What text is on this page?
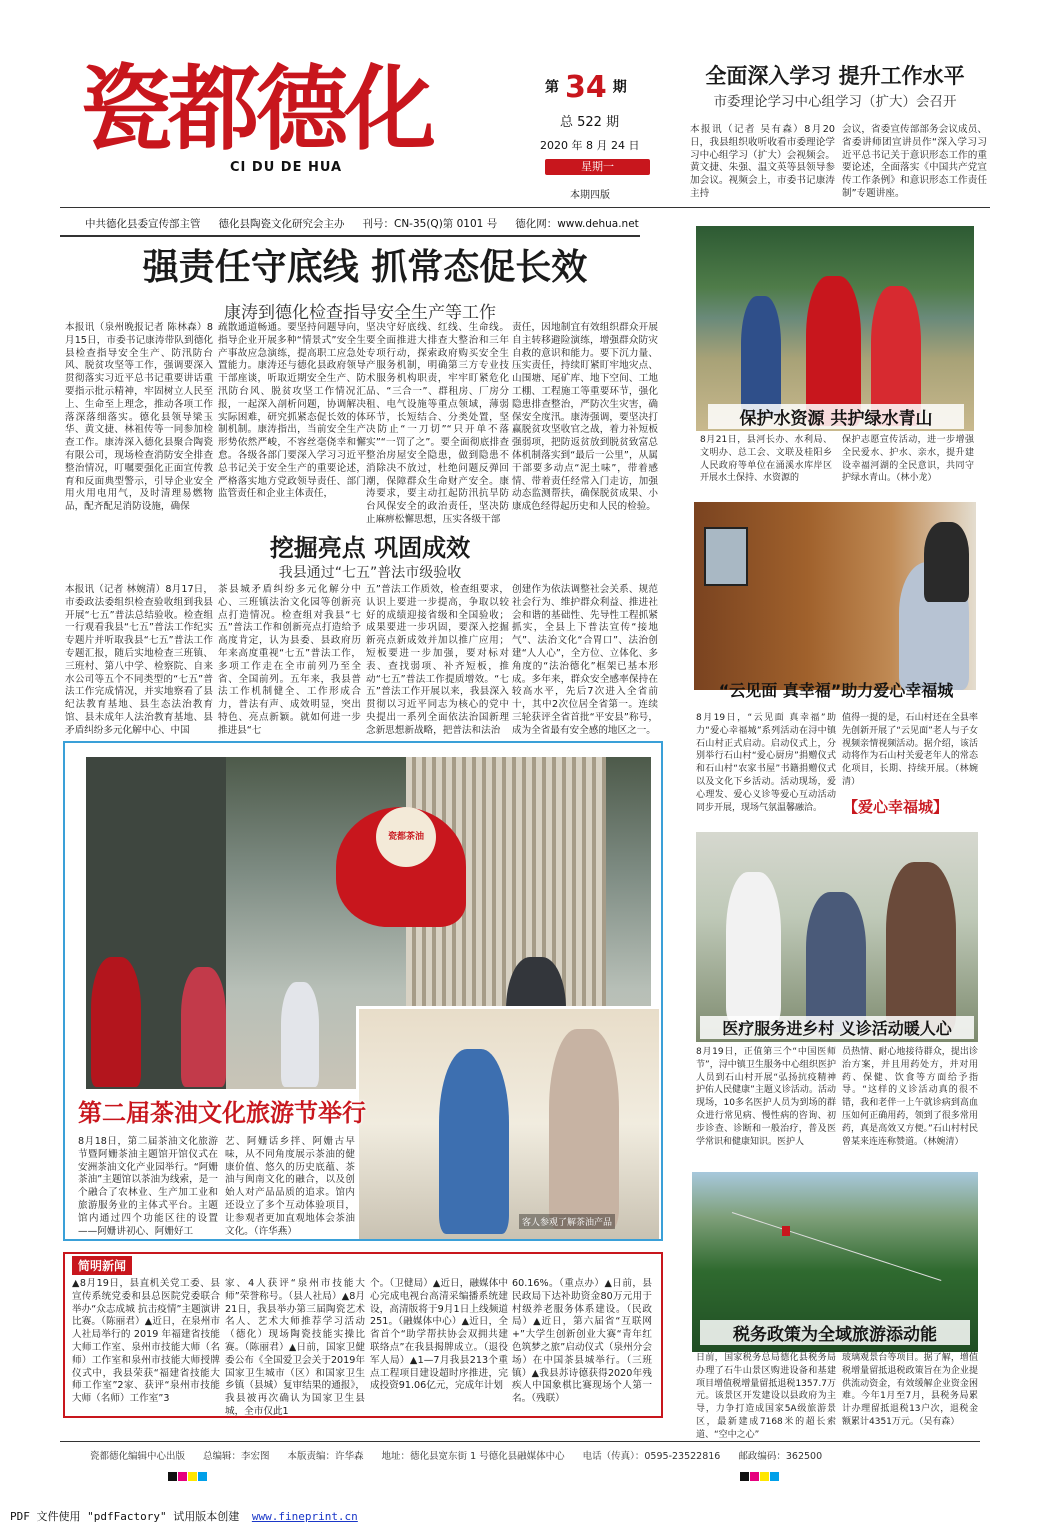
瓷都德化
CI DU DE HUA
第 34 期
总 522 期
2020 年 8 月 24 日
星期一
本期四版
全面深入学习 提升工作水平
市委理论学习中心组学习（扩大）会召开
本报讯（记者 吴有森）8月20日，我县组织收听收看市委理论学习中心组学习（扩大）会视频会。黄文捷、朱强、温文英等县领导参加会议。视频会上，市委书记康涛主持
会议，省委宣传部部务会议成员、省委讲师团宣讲员作“深入学习习近平总书记关于意识形态工作的重要论述，全面落实《中国共产党宣传工作条例》和意识形态工作责任制”专题讲座。
中共德化县委宣传部主管 德化县陶瓷文化研究会主办 刊号：CN-35(Q)第 0101 号 德化网：www.dehua.net
强责任守底线 抓常态促长效
康涛到德化检查指导安全生产等工作
本报讯（泉州晚报记者 陈林森）8月15日，市委书记康涛带队到德化县检查指导安全生产、防汛防台风、脱贫攻坚等工作，强调要深入贯彻落实习近平总书记重要讲话重要指示批示精神，牢固树立人民至上、生命至上理念，推动各项工作落深落细落实。德化县领导梁玉华、黄文捷、林祖传等一同参加检查工作。康涛深入德化县聚合陶瓷有限公司，现场检查消防安全排查整治情况，叮嘱要强化正面宣传教育和反面典型警示，引导企业安全用火用电用气，及时清理易燃物品，配齐配足消防设施，确保
疏散通道畅通。要坚持问题导向，指导企业开展多种“情景式”安全生产事故应急演练，提高职工应急处置能力。康涛还与德化县政府领导干部座谈，听取近期安全生产、防汛防台风、脱贫攻坚工作情况汇报，一起深入剖析问题，协调解决实际困难，研究抓紧态促长效的体制机制。康涛指出，当前安全生产形势依然严峻，不容丝毫侥幸和懈怠。各级各部门要深入学习习近平总书记关于安全生产的重要论述，严格落实地方党政领导责任、部门监管责任和企业主体责任，
坚决守好底线、红线、生命线。要全面推进大排查大整治和三年专项行动，探索政府购买安全生产服务机制，明确第三方专业技术服务机构职责，牢牢盯紧危化品、“三合一”、群租房、厂房分租、电气设施等重点领域，薄弱环节，长短结合、分类处置，坚决防止“一刀切”“只开单不落实”“一罚了之”。要全面彻底排查整治房屋安全隐患，做到隐患不消除决不放过，杜绝问题反弹回潮，保障群众生命财产安全。康涛要求，要主动扛起防汛抗旱防台风保安全的政治责任，坚决防止麻痹松懈思想，压实各级干部
责任，因地制宜有效组织群众开展自主转移避险演练，增强群众防灾自救的意识和能力。要下沉力量、压实责任，持续盯紧盯牢地灾点、山围塘、尾矿库、地下空间、工地工棚、工程施工等重要环节，强化隐患排查整治，严防次生灾害，确保安全度汛。康涛强调，要坚决打赢脱贫攻坚收官之战，着力补短板强弱项，把防返贫放到脱贫致富总体机制落实到“最后一公里”，从属干部要多动点“泥土味”，带着感情、带着责任经常入门走访，加强动态监测帮扶，确保脱贫成果、小康成色经得起历史和人民的检验。
挖掘亮点 巩固成效
我县通过“七五”普法市级验收
本报讯（记者 林婉清）8月17日，市委政法委组织检查验收组到我县开展“七五”普法总结验收。检查组一行观看我县“七五”普法工作纪实专题片并听取我县“七五”普法工作专题汇报，随后实地检查三班镇、三班村、第八中学、检察院、自来水公司等五个不同类型的“七五”普法工作完成情况，并实地察看了县纪法教育基地、县生态法治教育馆、县未成年人法治教育基地、县矛盾纠纷多元化解中心、中国
茶县城矛盾纠纷多元化解分中心、三班镇法治文化园等创新亮点打造情况。检查组对我县“七五”普法工作和创新亮点打造给予高度肯定，认为县委、县政府历年来高度重视“七五”普法工作，多项工作走在全市前列乃至全省、全国前列。五年来，我县普法工作机制健全、工作形成合力，普法有声、成效明显，突出特色、亮点新颖。就如何进一步推进县“七
五”普法工作质效，检查组要求，认识上要进一步提高，争取以较好的成绩迎接省级和全国验收；成果要进一步巩固，要深入挖掘新亮点新成效并加以推广应用；短板要进一步加强，要对标对表、查找弱项、补齐短板，推动“七五”普法工作提质增效。“七五”普法工作开展以来，我县深入贯彻以习近平同志为核心的党中央提出一系列全面依法治国新理念新思想新战略，把普法和法治
创建作为依法调整社会关系、规范社会行为、维护群众利益、推进社会和谐的基础性、先导性工程抓紧抓实，全县上下普法宣传“接地气”、法治文化“合胃口”、法治创建“人人心”，全方位、立体化、多角度的“法治德化”框架已基本形成。多年来，群众安全感率保持在较高水平，先后7次进入全省前十，其中2次位居全省第一。连续三轮获评全省首批“平安县”称号，成为全省最有安全感的地区之一。
瓷都茶油
客人参观了解茶油产品
第二届茶油文化旅游节举行
8月18日，第二届茶油文化旅游节暨阿姗茶油主题馆开馆仪式在安洲茶油文化产业园举行。“阿姗茶油”主题馆以茶油为线索，是一个融合了农林业、生产加工业和旅游服务业的主体式平台。主题馆内通过四个功能区往的设置——阿姗讲初心、阿姗好工
艺、阿姗话乡拌、阿姗古早味，从不同角度展示茶油的健康价值、悠久的历史底蕴、茶油与闽南文化的融合，以及创始人对产品品质的追求。馆内还设立了多个互动体验项目，让参观者更加直观地体会茶油文化。（许华燕）
简明新闻
▲8月19日，县直机关党工委、县宣传系统党委和县总医院党委联合举办“众志成城 抗击疫情”主题演讲比赛。（陈丽君）▲近日，在泉州市人社局举行的 2019 年福建省技能大师工作室、泉州市技能大师（名师）工作室和泉州市技能大师授牌仪式中，我县荣获“福建省技能大师工作室”2家、获评“泉州市技能大师（名师）工作室”3
家、4人获评“泉州市技能大师”荣誉称号。（县人社局）▲8月21日，我县举办第三届陶瓷艺术名人、艺术大师推荐学习活动（德化）现场陶瓷技能实操比赛。（陈丽君）▲日前，国家卫健委公布《全国爱卫会关于2019年国家卫生城市（区）和国家卫生乡镇（县城）复审结果的通报》，我县被再次确认为国家卫生县城，全市仅此1
个。（卫健局）▲近日，融媒体中心完成电视台高清采编播系统建设，高清版将于9月1日上线频道251。（融媒体中心）▲近日，全省首个“助学帮扶协会双拥共建联络点”在我县揭牌成立。（退役军人局）▲1—7月我县213个重点工程项目建设超时序推进，完成投资91.06亿元，完成年计划
60.16%。（重点办）▲日前，县民政局下达补助资金80万元用于村级养老服务体系建设。（民政局）▲近日，第六届省“互联网+”大学生创新创业大赛“青年红色筑梦之旅”启动仪式（泉州分会场）在中国茶县城举行。（三班镇）▲我县苏诗德获得2020年残疾人中国象棋比赛现场个人第一名。（残联）
保护水资源 共护绿水青山
8月21日，县河长办、水利局、文明办、总工会、文联及桂阳乡人民政府等单位在涌溪水库岸区开展水土保持、水资源的
保护志愿宣传活动，进一步增强全民爱水、护水、亲水，提升建设幸福河湖的全民意识，共同守护绿水青山。（林小龙）
“云见面 真幸福”助力爱心幸福城
8月19日，“云见面 真幸福”助力“爱心幸福城”系列活动在浔中镇石山村正式启动。启动仪式上，分别举行石山村“爱心厨房”捐赠仪式和石山村“农家书屋”书籍捐赠仪式以及文化下乡活动。活动现场，爱心理发、爱心义诊等爱心互动活动同步开展，现场气氛温馨融洽。
值得一提的是，石山村还在全县率先创新开展了“云见面”老人与子女视频亲情视频活动。据介绍，该活动将作为石山村关爱老年人的常态化项目，长期、持续开展。（林婉清）
【爱心幸福城】
医疗服务进乡村 义诊活动暖人心
8月19日，正值第三个“中国医师节”，浔中镇卫生服务中心组织医护人员到石山村开展“弘扬抗疫精神 护佑人民健康”主题义诊活动。活动现场，10多名医护人员为到场的群众进行常见病、慢性病的咨询、初步诊查、诊断和一般治疗，普及医学常识和健康知识。医护人
员热情、耐心地接待群众，提出诊治方案，并且用药处方，并对用药、保健、饮食等方面给予指导。“这样的义诊活动真的很不错，我和老伴一上午就诊病到高血压如何正确用药，领到了很多常用药，真是高效又方便。”石山村村民曾某来连连称赞道。（林婉清）
税务政策为全域旅游添动能
日前，国家税务总局德化县税务局办理了石牛山景区购进设备和基建项目增值税增量留抵退税1357.7万元。该景区开发建设以县政府为主导，力争打造成国家5A级旅游景区，最新建成7168米的超长索道、“空中之心”
玻璃观景台等项目。据了解，增值税增量留抵退税政策旨在为企业提供流动资金，有效缓解企业资金困难。今年1月至7月，县税务局累计办理留抵退税13户次，退税金额累计4351万元。（吴有森）
瓷都德化编辑中心出版 总编辑：李宏图 本版责编：许华森 地址：德化县宽东街 1 号德化县融媒体中心 电话（传真）：0595-23522816 邮政编码：362500
PDF 文件使用 "pdfFactory" 试用版本创建 www.fineprint.cn
